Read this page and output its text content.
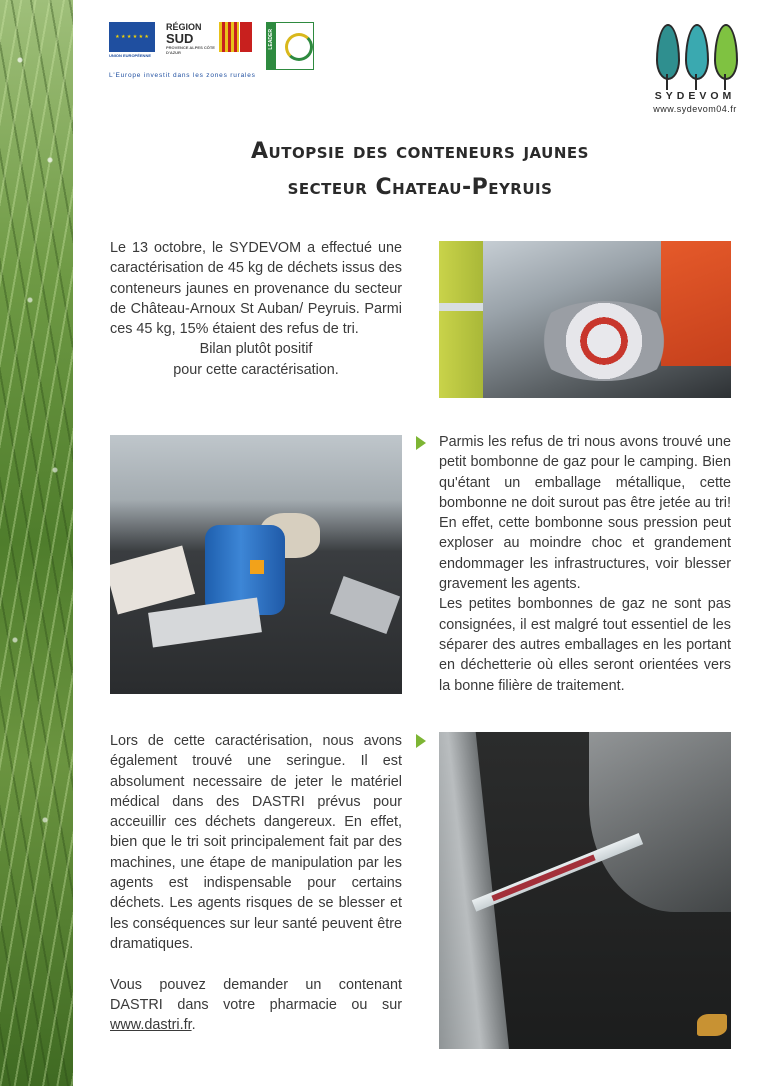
★ ★ ★ ★ ★ ★
UNION EUROPÉENNE
RÉGION
SUD
PROVENCE ALPES CÔTE D'AZUR
LEADER
L'Europe investit dans les zones rurales
SYDEVOM
www.sydevom04.fr
Autopsie des conteneurs jaunes
secteur Chateau-Peyruis
Le 13 octobre, le SYDEVOM a effectué une caractérisation de 45 kg de déchets issus des conteneurs jaunes en provenance du secteur de Château-Arnoux St Auban/ Peyruis. Parmi ces 45 kg, 15% étaient des refus de tri.
Bilan plutôt positif
pour cette caractérisation.
Parmis les refus de tri nous avons trouvé une petit bombonne de gaz pour le camping. Bien qu'étant un emballage métallique, cette bombonne ne doit surout pas être jetée au tri! En effet, cette bombonne sous pression peut exploser au moindre choc et grandement endommager les infrastructures, voir blesser gravement les agents.
Les petites bombonnes de gaz ne sont pas consignées, il est malgré tout essentiel de les séparer des autres emballages en les portant en déchetterie où elles seront orientées vers la bonne filière de traitement.
Lors de cette caractérisation, nous avons également trouvé une seringue. Il est absolument necessaire de jeter le matériel médical dans des DASTRI prévus pour acceuillir ces déchets dangereux. En effet, bien que le tri soit principalement fait par des machines, une étape de manipulation par les agents est indispensable pour certains déchets. Les agents risques de se blesser et les conséquences sur leur santé peuvent être dramatiques.

Vous pouvez demander un contenant DASTRI dans votre pharmacie ou sur www.dastri.fr.
